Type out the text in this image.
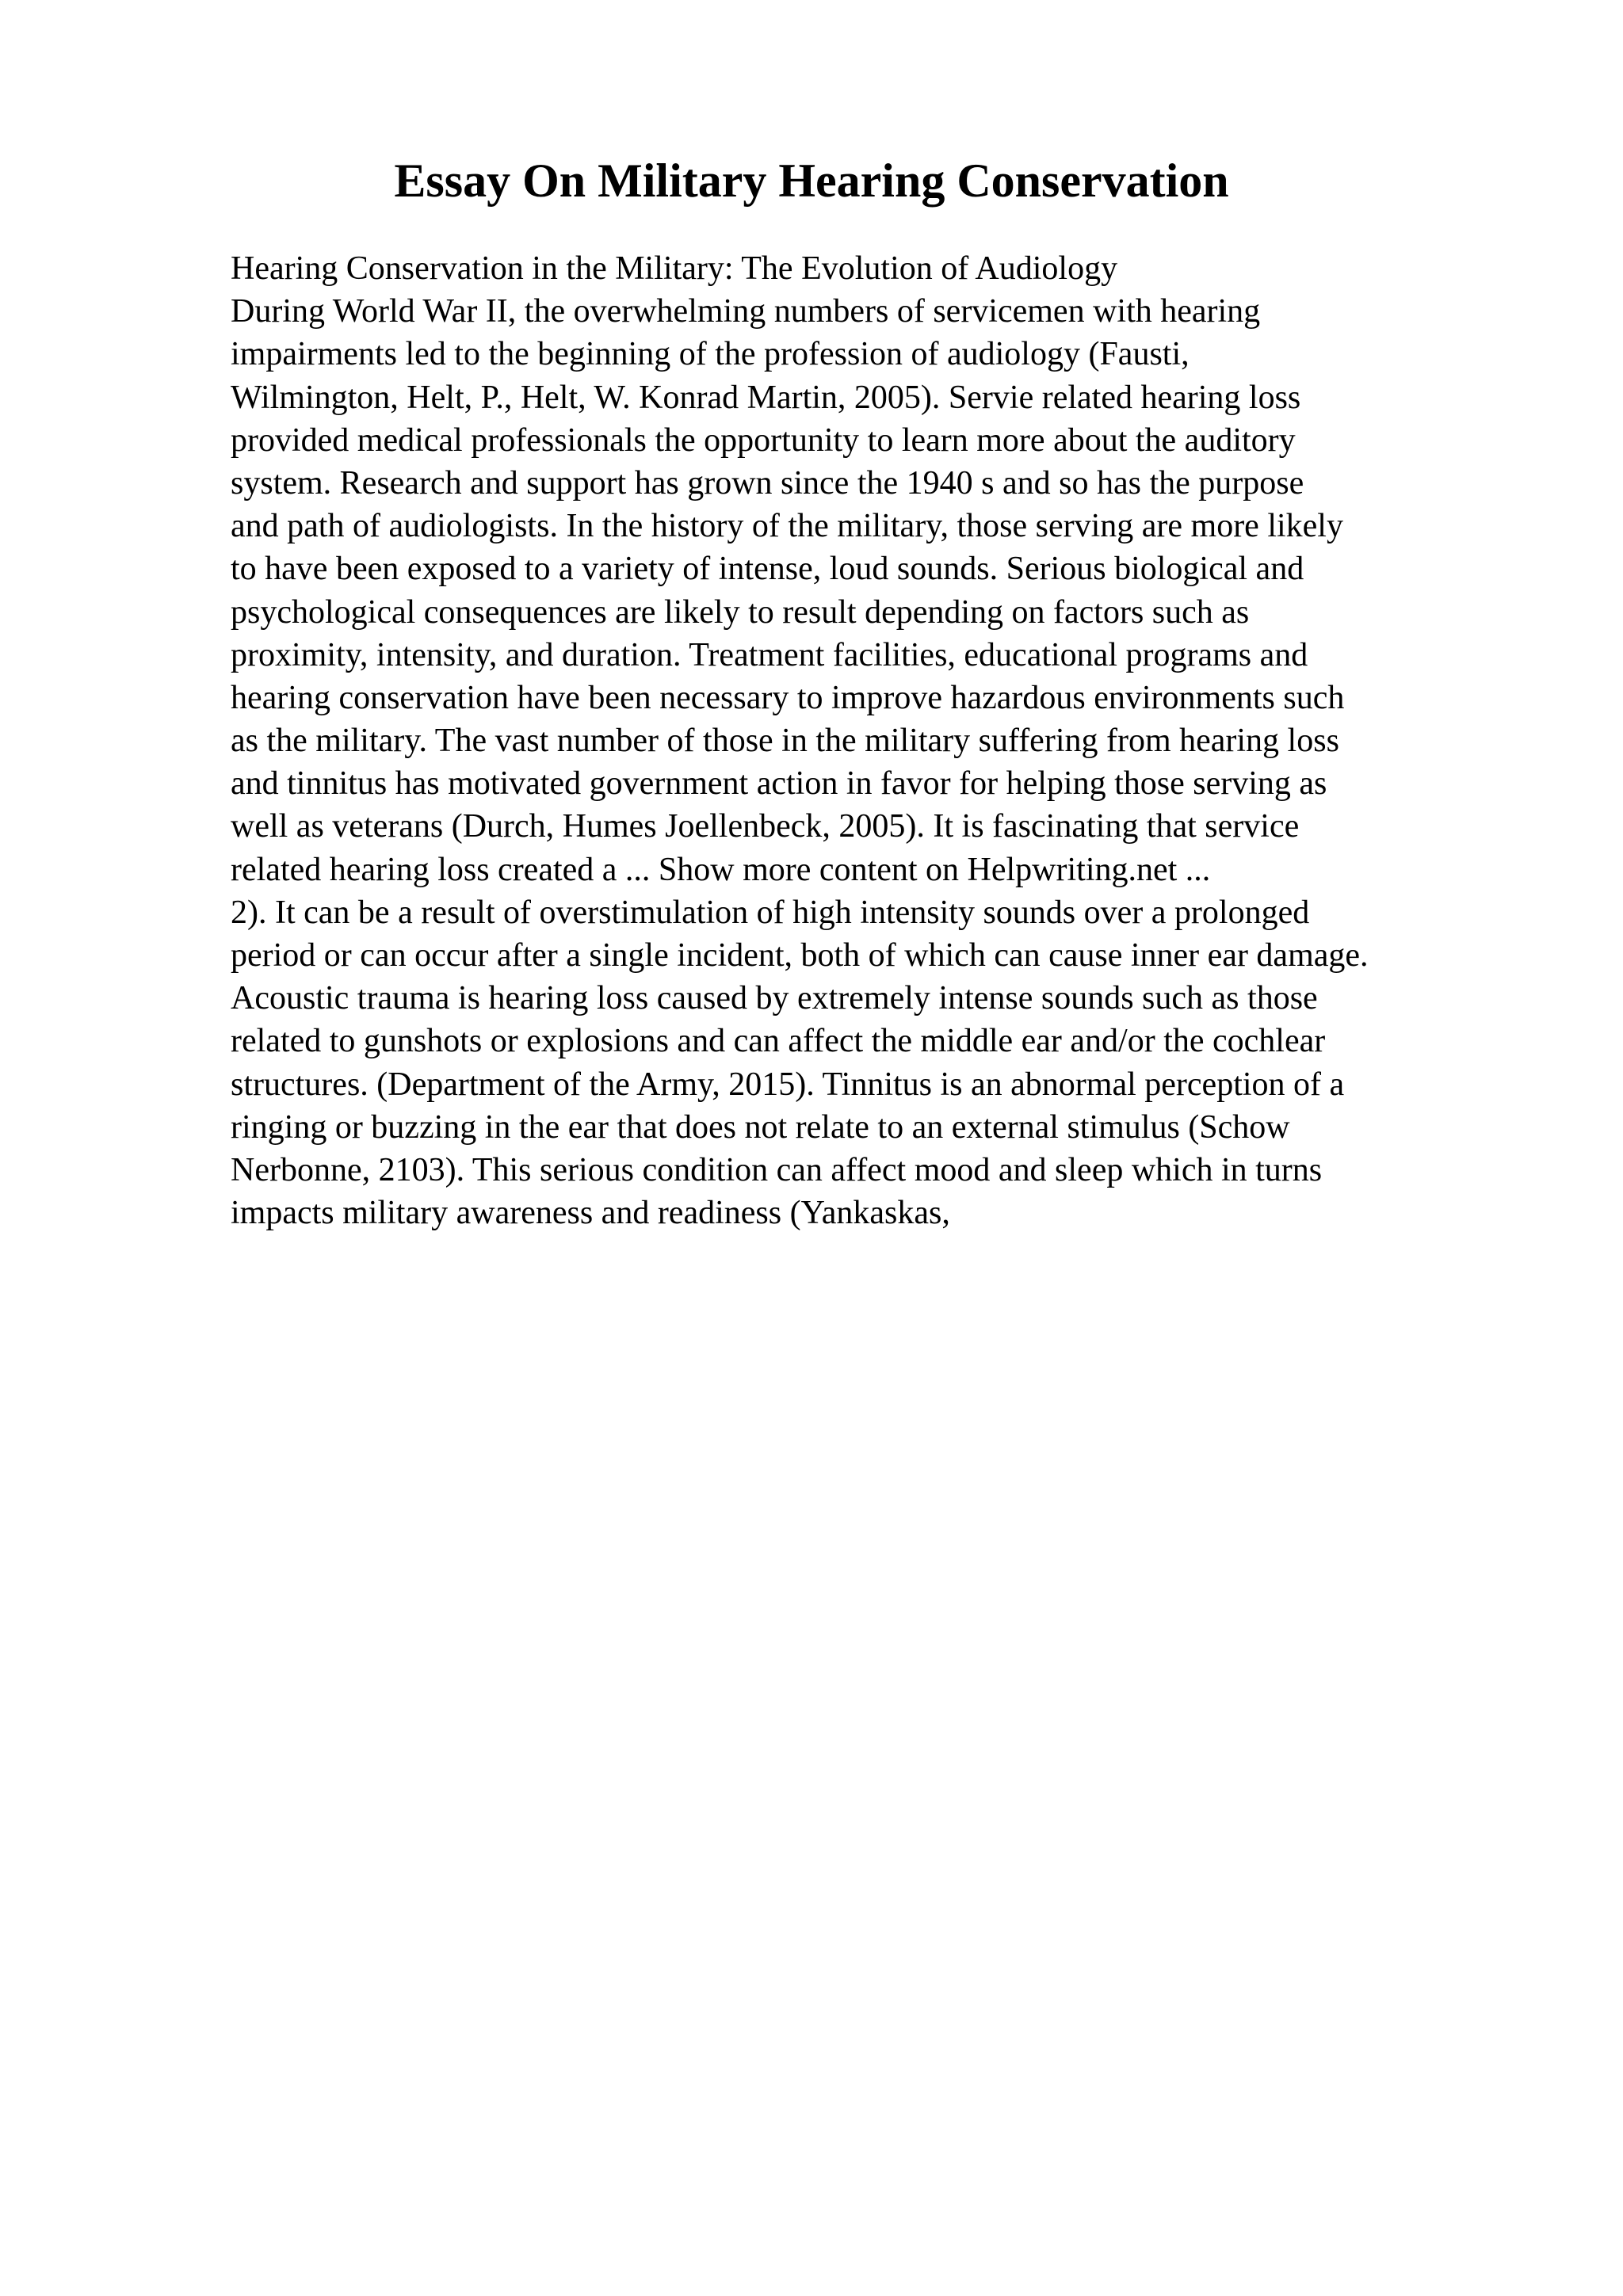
Essay On Military Hearing Conservation
Hearing Conservation in the Military: The Evolution of Audiology
During World War II, the overwhelming numbers of servicemen with hearing
impairments led to the beginning of the profession of audiology (Fausti,
Wilmington, Helt, P., Helt, W. Konrad Martin, 2005). Servie related hearing loss
provided medical professionals the opportunity to learn more about the auditory
system. Research and support has grown since the 1940 s and so has the purpose
and path of audiologists. In the history of the military, those serving are more likely
to have been exposed to a variety of intense, loud sounds. Serious biological and
psychological consequences are likely to result depending on factors such as
proximity, intensity, and duration. Treatment facilities, educational programs and
hearing conservation have been necessary to improve hazardous environments such
as the military. The vast number of those in the military suffering from hearing loss
and tinnitus has motivated government action in favor for helping those serving as
well as veterans (Durch, Humes Joellenbeck, 2005). It is fascinating that service
related hearing loss created a ... Show more content on Helpwriting.net ...
2). It can be a result of overstimulation of high intensity sounds over a prolonged
period or can occur after a single incident, both of which can cause inner ear damage.
Acoustic trauma is hearing loss caused by extremely intense sounds such as those
related to gunshots or explosions and can affect the middle ear and/or the cochlear
structures. (Department of the Army, 2015). Tinnitus is an abnormal perception of a
ringing or buzzing in the ear that does not relate to an external stimulus (Schow
Nerbonne, 2103). This serious condition can affect mood and sleep which in turns
impacts military awareness and readiness (Yankaskas,
